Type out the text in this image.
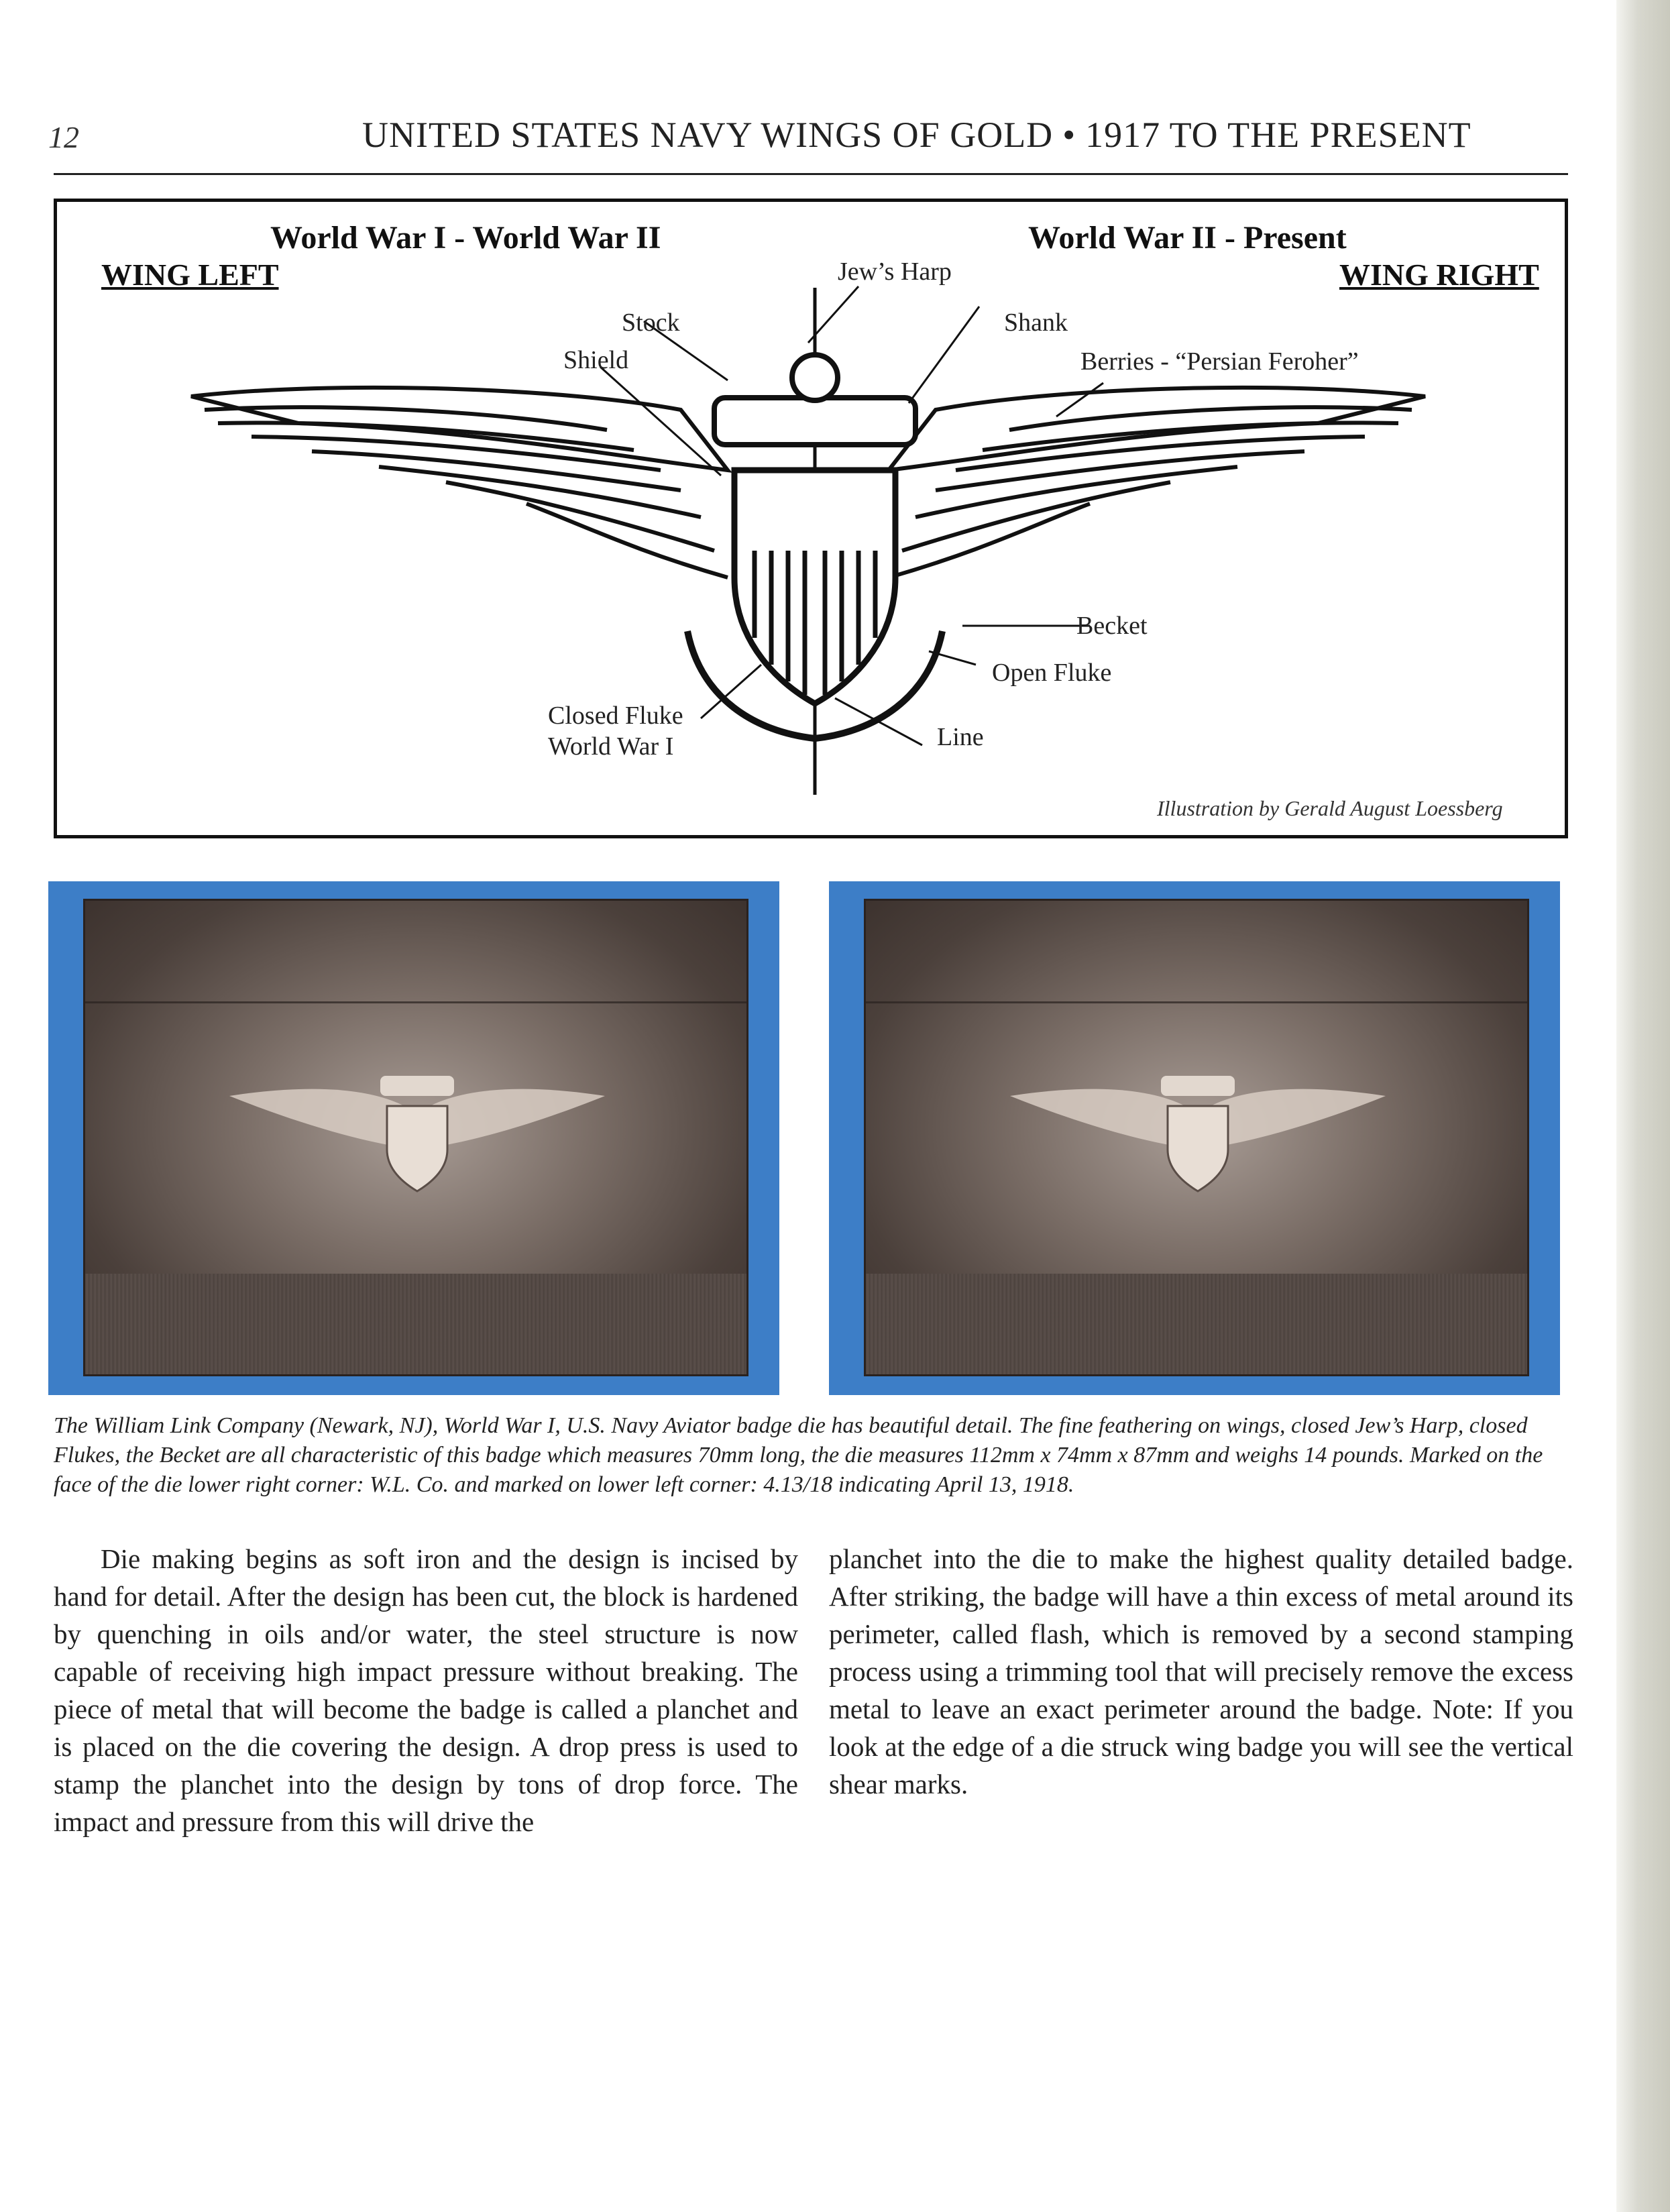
12	UNITED STATES NAVY WINGS OF GOLD • 1917 TO THE PRESENT
WING LEFT
World War I - World War II	World War II - Present
WING RIGHT
Jew’s Harp
Stock
Shield
Shank
Berries - “Persian Feroher”
Becket
Open Fluke
Closed Fluke
World War I	Line
Illustration by Gerald August Loessberg
The William Link Company (Newark, NJ), World War I, U.S. Navy Aviator badge die has beautiful detail. The fine feathering on wings, closed Jew’s Harp, closed Flukes, the Becket are all characteristic of this badge which measures 70mm long, the die measures 112mm x 74mm x 87mm and weighs 14 pounds. Marked on the face of the die lower right corner: W.L. Co. and marked on lower left corner: 4.13/18 indicating April 13, 1918.

Die making begins as soft iron and the design is incised by hand for detail. After the design has been cut, the block is hardened by quenching in oils and/or water, the steel structure is now capable of receiving high impact pressure without breaking. The piece of metal that will become the badge is called a planchet and is placed on the die covering the design. A drop press is used to stamp the planchet into the design by tons of drop force. The impact and pressure from this will drive the

planchet into the die to make the highest quality detailed badge. After striking, the badge will have a thin excess of metal around its perimeter, called flash, which is removed by a second stamping process using a trimming tool that will precisely remove the excess metal to leave an exact perimeter around the badge. Note: If you look at the edge of a die struck wing badge you will see the vertical shear marks.
